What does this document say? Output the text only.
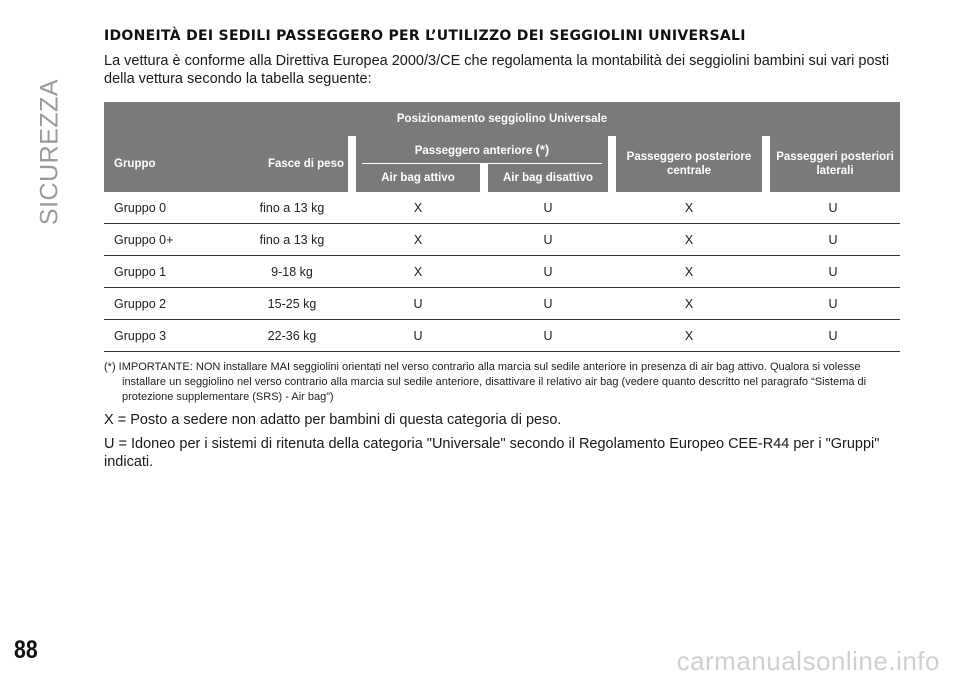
SICUREZZA
IDONEITÀ DEI SEDILI PASSEGGERO PER L’UTILIZZO DEI SEGGIOLINI UNIVERSALI

La vettura è conforme alla Direttiva Europea 2000/3/CE che regolamenta la montabilità dei seggiolini bambini sui vari posti della vettura secondo la tabella seguente:

Posizionamento seggiolino Universale					
Gruppo	Fasce di peso	Passeggero anteriore (*)		Passeggero posteriore centrale	Passeggeri posteriori laterali
		Air bag attivo	Air bag disattivo		
Gruppo 0	fino a 13 kg	X	U	X	U
Gruppo 0+	fino a 13 kg	X	U	X	U
Gruppo 1	9-18 kg	X	U	X	U
Gruppo 2	15-25 kg	U	U	X	U
Gruppo 3	22-36 kg	U	U	X	U

(*) IMPORTANTE: NON installare MAI seggiolini orientati nel verso contrario alla marcia sul sedile anteriore in presenza di air bag attivo. Qualora si volesse installare un seggiolino nel verso contrario alla marcia sul sedile anteriore, disattivare il relativo air bag (vedere quanto descritto nel paragrafo “Sistema di protezione supplementare (SRS) - Air bag”)

X = Posto a sedere non adatto per bambini di questa categoria di peso.

U = Idoneo per i sistemi di ritenuta della categoria "Universale" secondo il Regolamento Europeo CEE-R44 per i "Gruppi" indicati.

88	carmanualsonline.info
